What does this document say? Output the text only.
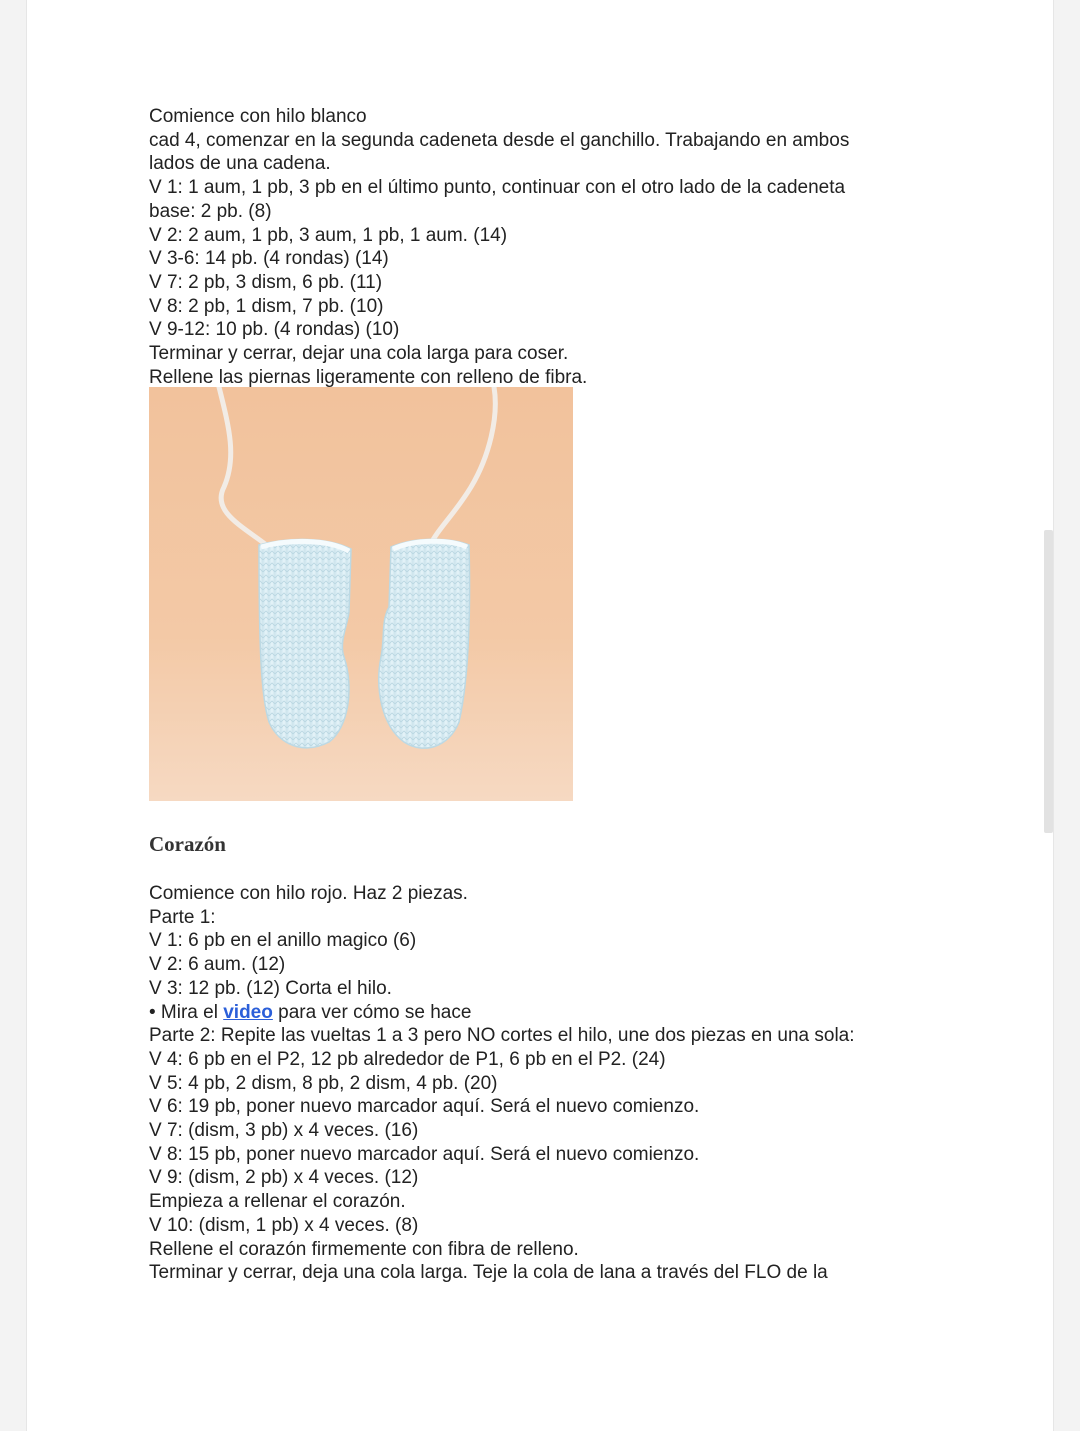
Comience con hilo blanco
cad 4, comenzar en la segunda cadeneta desde el ganchillo. Trabajando en ambos
lados de una cadena.
V 1: 1 aum, 1 pb, 3 pb en el último punto, continuar con el otro lado de la cadeneta
base: 2 pb. (8)
V 2: 2 aum, 1 pb, 3 aum, 1 pb, 1 aum. (14)
V 3-6: 14 pb. (4 rondas) (14)
V 7: 2 pb, 3 dism, 6 pb. (11)
V 8: 2 pb, 1 dism, 7 pb. (10)
V 9-12: 10 pb. (4 rondas) (10)
Terminar y cerrar, dejar una cola larga para coser.
Rellene las piernas ligeramente con relleno de fibra.
Corazón
Comience con hilo rojo. Haz 2 piezas.
Parte 1:
V 1: 6 pb en el anillo magico (6)
V 2: 6 aum. (12)
V 3: 12 pb. (12) Corta el hilo.
• Mira el video para ver cómo se hace
Parte 2: Repite las vueltas 1 a 3 pero NO cortes el hilo, une dos piezas en una sola:
V 4: 6 pb en el P2, 12 pb alrededor de P1, 6 pb en el P2. (24)
V 5: 4 pb, 2 dism, 8 pb, 2 dism, 4 pb. (20)
V 6: 19 pb, poner nuevo marcador aquí. Será el nuevo comienzo.
V 7: (dism, 3 pb) x 4 veces. (16)
V 8: 15 pb, poner nuevo marcador aquí. Será el nuevo comienzo.
V 9: (dism, 2 pb) x 4 veces. (12)
Empieza a rellenar el corazón.
V 10: (dism, 1 pb) x 4 veces. (8)
Rellene el corazón firmemente con fibra de relleno.
Terminar y cerrar, deja una cola larga. Teje la cola de lana a través del FLO de la
